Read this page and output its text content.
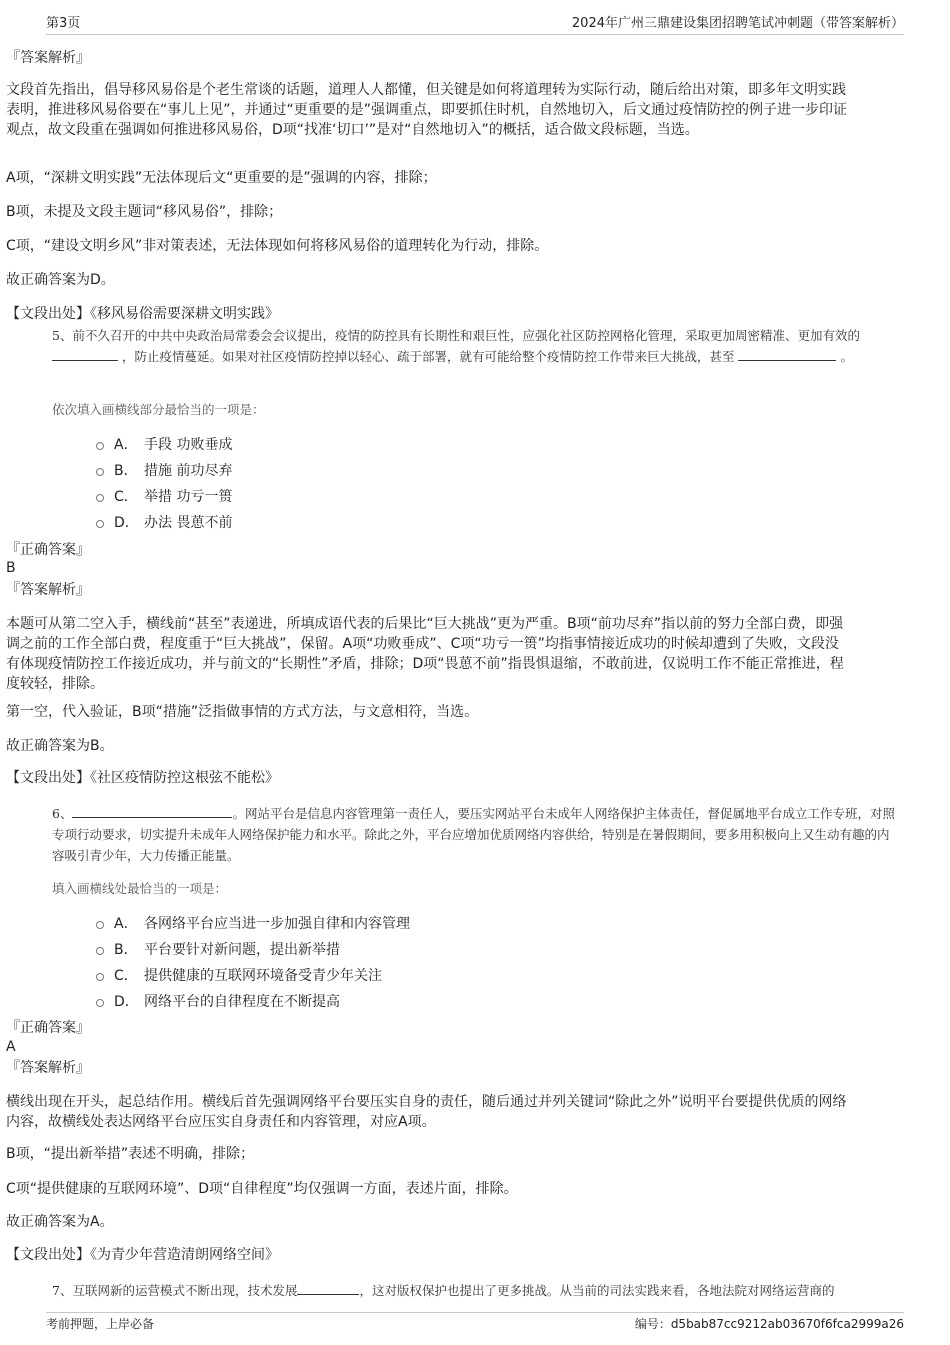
第3页	2024年广州三鼎建设集团招聘笔试冲刺题（带答案解析）
『答案解析』
文段首先指出，倡导移风易俗是个老生常谈的话题，道理人人都懂，但关键是如何将道理转为实际行动，随后给出对策，即多年文明实践表明，推进移风易俗要在“事儿上见”，并通过“更重要的是”强调重点，即要抓住时机，自然地切入，后文通过疫情防控的例子进一步印证观点，故文段重在强调如何推进移风易俗，D项“找准‘切口’”是对“自然地切入”的概括，适合做文段标题，当选。
A项，“深耕文明实践”无法体现后文“更重要的是”强调的内容，排除；
B项，未提及文段主题词“移风易俗”，排除；
C项，“建设文明乡风”非对策表述，无法体现如何将移风易俗的道理转化为行动，排除。
故正确答案为D。
【文段出处】《移风易俗需要深耕文明实践》
5、前不久召开的中共中央政治局常委会会议提出，疫情的防控具有长期性和艰巨性，应强化社区防控网格化管理，采取更加周密精准、更加有效的  ，防止疫情蔓延。如果对社区疫情防控掉以轻心、疏于部署，就有可能给整个疫情防控工作带来巨大挑战，甚至	。
依次填入画横线部分最恰当的一项是：
A． 手段 功败垂成
B． 措施 前功尽弃
C． 举措 功亏一篑
D． 办法 畏葸不前
『正确答案』
B
『答案解析』
本题可从第二空入手，横线前“甚至”表递进，所填成语代表的后果比“巨大挑战”更为严重。B项“前功尽弃”指以前的努力全部白费，即强调之前的工作全部白费，程度重于“巨大挑战”，保留。A项“功败垂成”、C项“功亏一篑”均指事情接近成功的时候却遭到了失败，文段没有体现疫情防控工作接近成功，并与前文的“长期性”矛盾，排除；D项“畏葸不前”指畏惧退缩，不敢前进，仅说明工作不能正常推进，程度较轻，排除。
第一空，代入验证，B项“措施”泛指做事情的方式方法，与文意相符，当选。
故正确答案为B。
【文段出处】《社区疫情防控这根弦不能松》
6、	。网站平台是信息内容管理第一责任人，要压实网站平台未成年人网络保护主体责任，督促属地平台成立工作专班，对照专项行动要求，切实提升未成年人网络保护能力和水平。除此之外，平台应增加优质网络内容供给，特别是在暑假期间，要多用积极向上又生动有趣的内容吸引青少年，大力传播正能量。
填入画横线处最恰当的一项是：
A． 各网络平台应当进一步加强自律和内容管理
B． 平台要针对新问题，提出新举措
C． 提供健康的互联网环境备受青少年关注
D． 网络平台的自律程度在不断提高
『正确答案』
A
『答案解析』
横线出现在开头，起总结作用。横线后首先强调网络平台要压实自身的责任，随后通过并列关键词“除此之外”说明平台要提供优质的网络内容，故横线处表达网络平台应压实自身责任和内容管理，对应A项。
B项，“提出新举措”表述不明确，排除；
C项“提供健康的互联网环境”、D项“自律程度”均仅强调一方面，表述片面，排除。
故正确答案为A。
【文段出处】《为青少年营造清朗网络空间》
7、互联网新的运营模式不断出现，技术发展	，这对版权保护也提出了更多挑战。从当前的司法实践来看，各地法院对网络运营商的
考前押题，上岸必备	编号：d5bab87cc9212ab03670f6fca2999a26
